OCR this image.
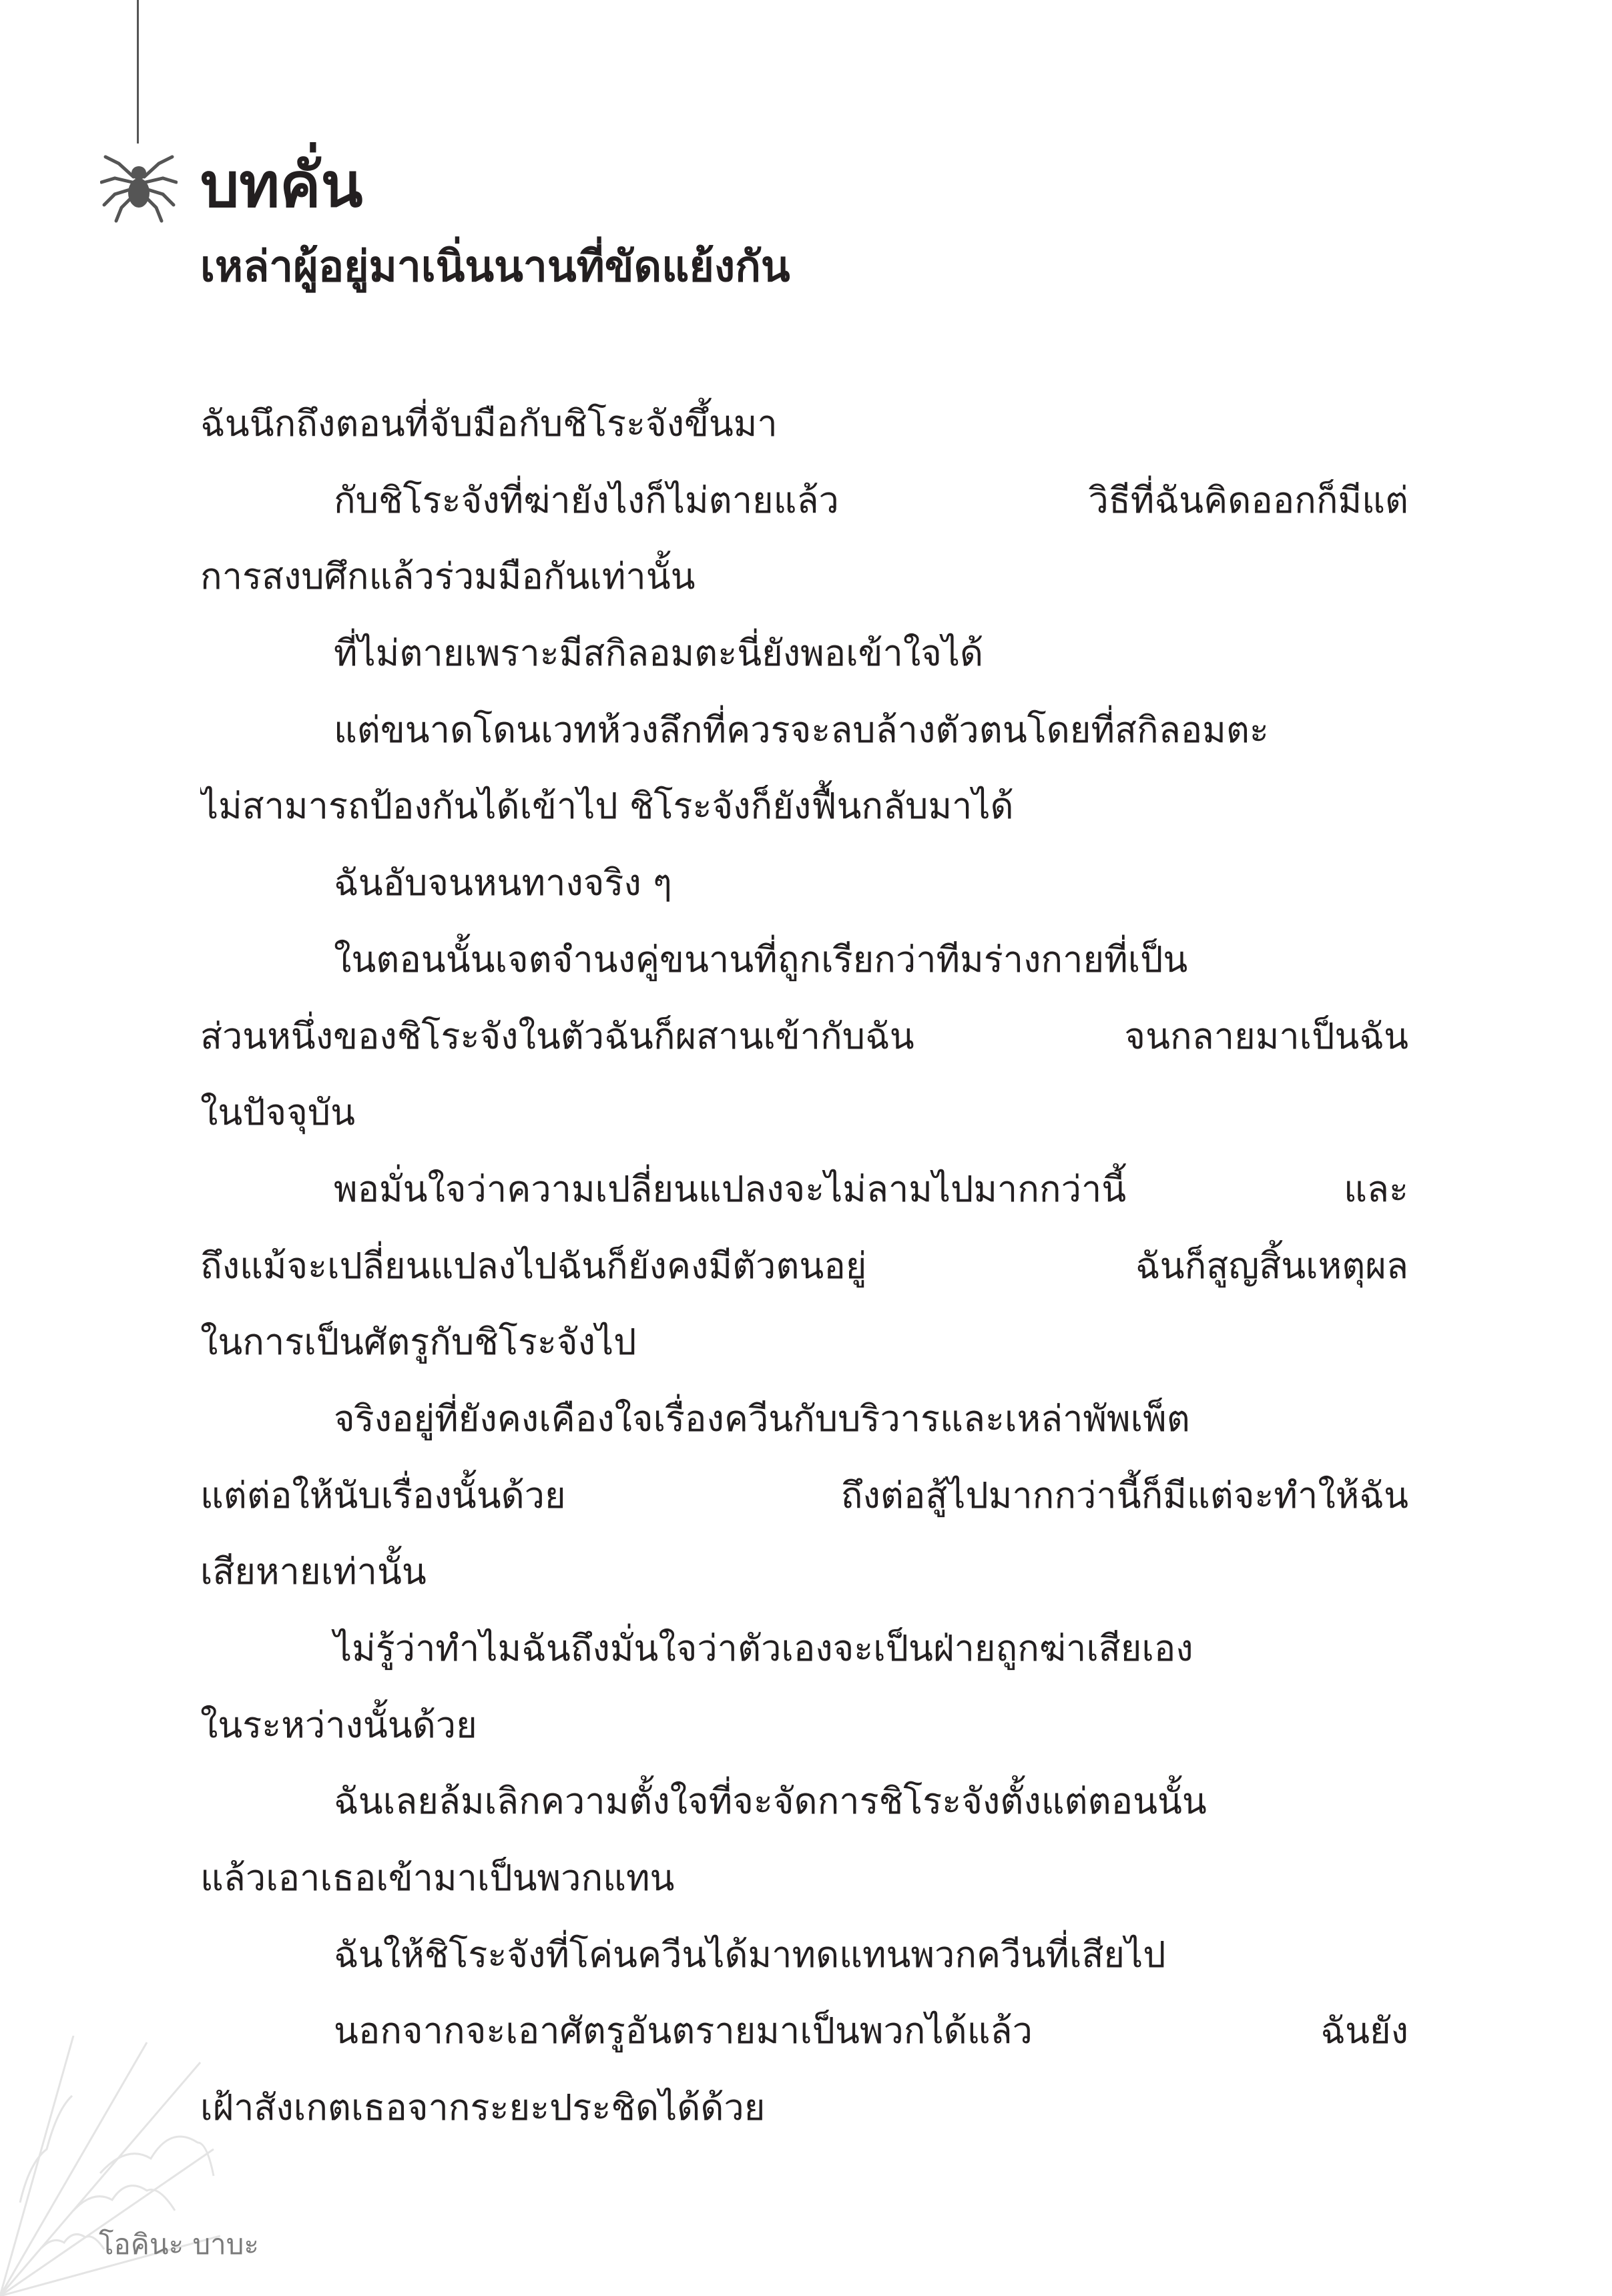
บทคั่น
เหล่าผู้อยู่มาเนิ่นนานที่ขัดแย้งกัน
ฉันนึกถึงตอนที่จับมือกับชิโระจังขึ้นมา
กับชิโระจังที่ฆ่ายังไงก็ไม่ตายแล้ว วิธีที่ฉันคิดออกก็มีแต่
การสงบศึกแล้วร่วมมือกันเท่านั้น
ที่ไม่ตายเพราะมีสกิลอมตะนี่ยังพอเข้าใจได้
แต่ขนาดโดนเวทห้วงลึกที่ควรจะลบล้างตัวตนโดยที่สกิลอมตะ
ไม่สามารถป้องกันได้เข้าไป ชิโระจังก็ยังฟื้นกลับมาได้
ฉันอับจนหนทางจริง ๆ
ในตอนนั้นเจตจำนงคู่ขนานที่ถูกเรียกว่าทีมร่างกายที่เป็น
ส่วนหนึ่งของชิโระจังในตัวฉันก็ผสานเข้ากับฉัน จนกลายมาเป็นฉัน
ในปัจจุบัน
พอมั่นใจว่าความเปลี่ยนแปลงจะไม่ลามไปมากกว่านี้ และ
ถึงแม้จะเปลี่ยนแปลงไปฉันก็ยังคงมีตัวตนอยู่ ฉันก็สูญสิ้นเหตุผล
ในการเป็นศัตรูกับชิโระจังไป
จริงอยู่ที่ยังคงเคืองใจเรื่องควีนกับบริวารและเหล่าพัพเพ็ต
แต่ต่อให้นับเรื่องนั้นด้วย ถึงต่อสู้ไปมากกว่านี้ก็มีแต่จะทำให้ฉัน
เสียหายเท่านั้น
ไม่รู้ว่าทำไมฉันถึงมั่นใจว่าตัวเองจะเป็นฝ่ายถูกฆ่าเสียเอง
ในระหว่างนั้นด้วย
ฉันเลยล้มเลิกความตั้งใจที่จะจัดการชิโระจังตั้งแต่ตอนนั้น
แล้วเอาเธอเข้ามาเป็นพวกแทน
ฉันให้ชิโระจังที่โค่นควีนได้มาทดแทนพวกควีนที่เสียไป
นอกจากจะเอาศัตรูอันตรายมาเป็นพวกได้แล้ว ฉันยัง
เฝ้าสังเกตเธอจากระยะประชิดได้ด้วย
โอคินะ บาบะ
